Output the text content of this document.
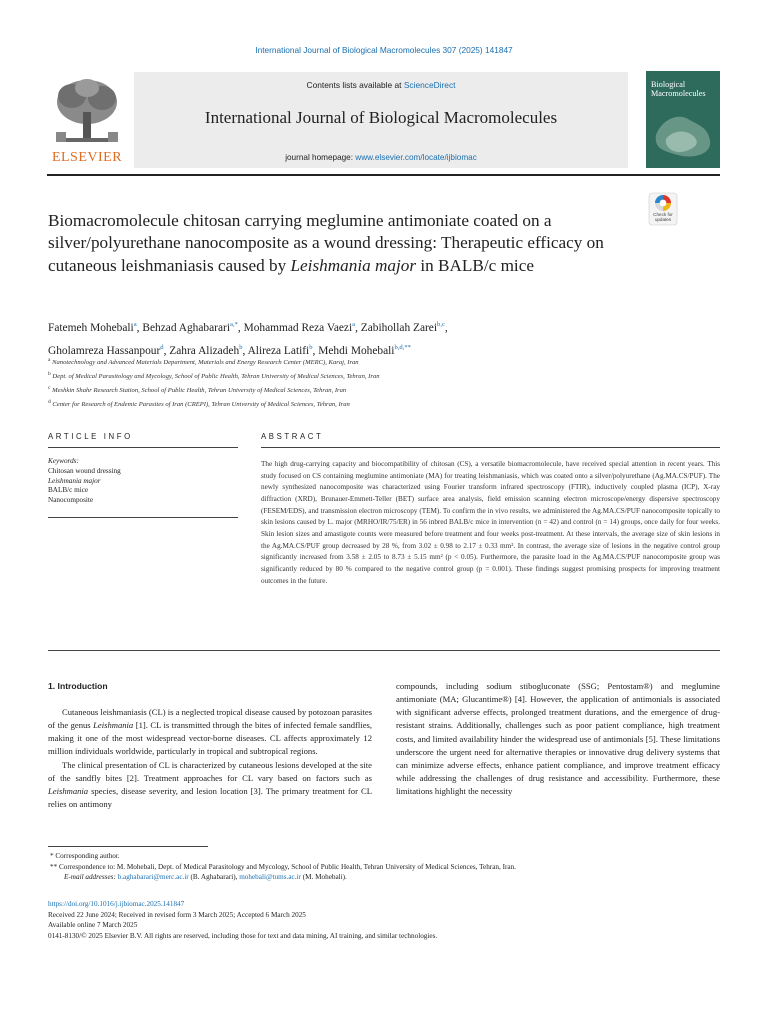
International Journal of Biological Macromolecules 307 (2025) 141847
ELSEVIER
Contents lists available at ScienceDirect
International Journal of Biological Macromolecules
journal homepage: www.elsevier.com/locate/ijbiomac
Biological
Macromolecules
Check for
updates
Biomacromolecule chitosan carrying meglumine antimoniate coated on a silver/polyurethane nanocomposite as a wound dressing: Therapeutic efficacy on cutaneous leishmaniasis caused by Leishmania major in BALB/c mice
Fatemeh Mohebali$^a$, Behzad Aghabarari$^{a,*}$, Mohammad Reza Vaezi$^a$, Zabihollah Zarei$^{b,c}$,
Gholamreza Hassanpour$^d$, Zahra Alizadeh$^b$, Alireza Latifi$^b$, Mehdi Mohebali$^{b,d,**}$
$^a$ Nanotechnology and Advanced Materials Department, Materials and Energy Research Center (MERC), Karaj, Iran
$^b$ Dept. of Medical Parasitology and Mycology, School of Public Health, Tehran University of Medical Sciences, Tehran, Iran
$^c$ Meshkin Shahr Research Station, School of Public Health, Tehran University of Medical Sciences, Tehran, Iran
$^d$ Center for Research of Endemic Parasites of Iran (CREPI), Tehran University of Medical Sciences, Tehran, Iran
ARTICLE INFO	ABSTRACT
Keywords:
Chitosan wound dressing
Leishmania major
BALB/c mice
Nanocomposite
The high drug-carrying capacity and biocompatibility of chitosan (CS), a versatile biomacromolecule, have received special attention in recent years. This study focused on CS containing meglumine antimoniate (MA) for treating leishmaniasis, which was coated onto a silver/polyurethane (Ag.MA.CS/PUF). The newly synthesized nanocomposite was characterized using Fourier transform infrared spectroscopy (FTIR), inductively coupled plasma (ICP), X-ray diffraction (XRD), Brunauer-Emmett-Teller (BET) surface area analysis, field emission scanning electron microscope/energy dispersive spectroscopy (FESEM/EDS), and transmission electron microscopy (TEM). To confirm the in vivo results, we administered the Ag.MA.CS/PUF nanocomposite topically to skin lesions caused by L. major (MRHO/IR/75/ER) in 56 inbred BALB/c mice in intervention (n = 42) and control (n = 14) groups, once daily for four weeks. Skin lesion sizes and amastigote counts were measured before treatment and four weeks post-treatment. At these intervals, the average size of skin lesions in the Ag.MA.CS/PUF group decreased by 28 %, from 3.02 ± 0.98 to 2.17 ± 0.33 mm². In contrast, the average size of lesions in the negative control group significantly increased from 3.58 ± 2.05 to 8.73 ± 5.15 mm² (p < 0.05). Furthermore, the parasite load in the Ag.MA.CS/PUF nanocomposite group was significantly reduced by 80 % compared to the negative control group (p = 0.001). These findings suggest promising prospects for improving treatment outcomes in the future.
1. Introduction

Cutaneous leishmaniasis (CL) is a neglected tropical disease caused by potozoan parasites of the genus Leishmania [1]. CL is transmitted through the bites of infected female sandflies, making it one of the most widespread vector-borne diseases. CL affects approximately 12 million individuals worldwide, particularly in tropical and subtropical regions.

The clinical presentation of CL is characterized by cutaneous lesions developed at the site of the sandfly bites [2]. Treatment approaches for CL vary based on factors such as Leishmania species, disease severity, and lesion location [3]. The primary treatment for CL relies on antimony

compounds, including sodium stibogluconate (SSG; Pentostam®) and meglumine antimoniate (MA; Glucantime®) [4]. However, the application of antimonials is associated with significant adverse effects, prolonged treatment durations, and the emergence of drug-resistant strains. Additionally, challenges such as poor patient compliance, high treatment costs, and limited availability hinder the widespread use of antimonials [5]. These limitations underscore the urgent need for alternative therapies or innovative drug delivery systems that can minimize adverse effects, enhance patient compliance, and improve treatment efficacy while addressing the challenges of drug resistance and accessibility. Furthermore, these limitations highlight the necessity
* Corresponding author.
** Correspondence to: M. Mohebali, Dept. of Medical Parasitology and Mycology, School of Public Health, Tehran University of Medical Sciences, Tehran, Iran.
E-mail addresses: b.aghabarari@merc.ac.ir (B. Aghabarari), mohebali@tums.ac.ir (M. Mohebali).
https://doi.org/10.1016/j.ijbiomac.2025.141847
Received 22 June 2024; Received in revised form 3 March 2025; Accepted 6 March 2025
Available online 7 March 2025
0141-8130/© 2025 Elsevier B.V. All rights are reserved, including those for text and data mining, AI training, and similar technologies.
